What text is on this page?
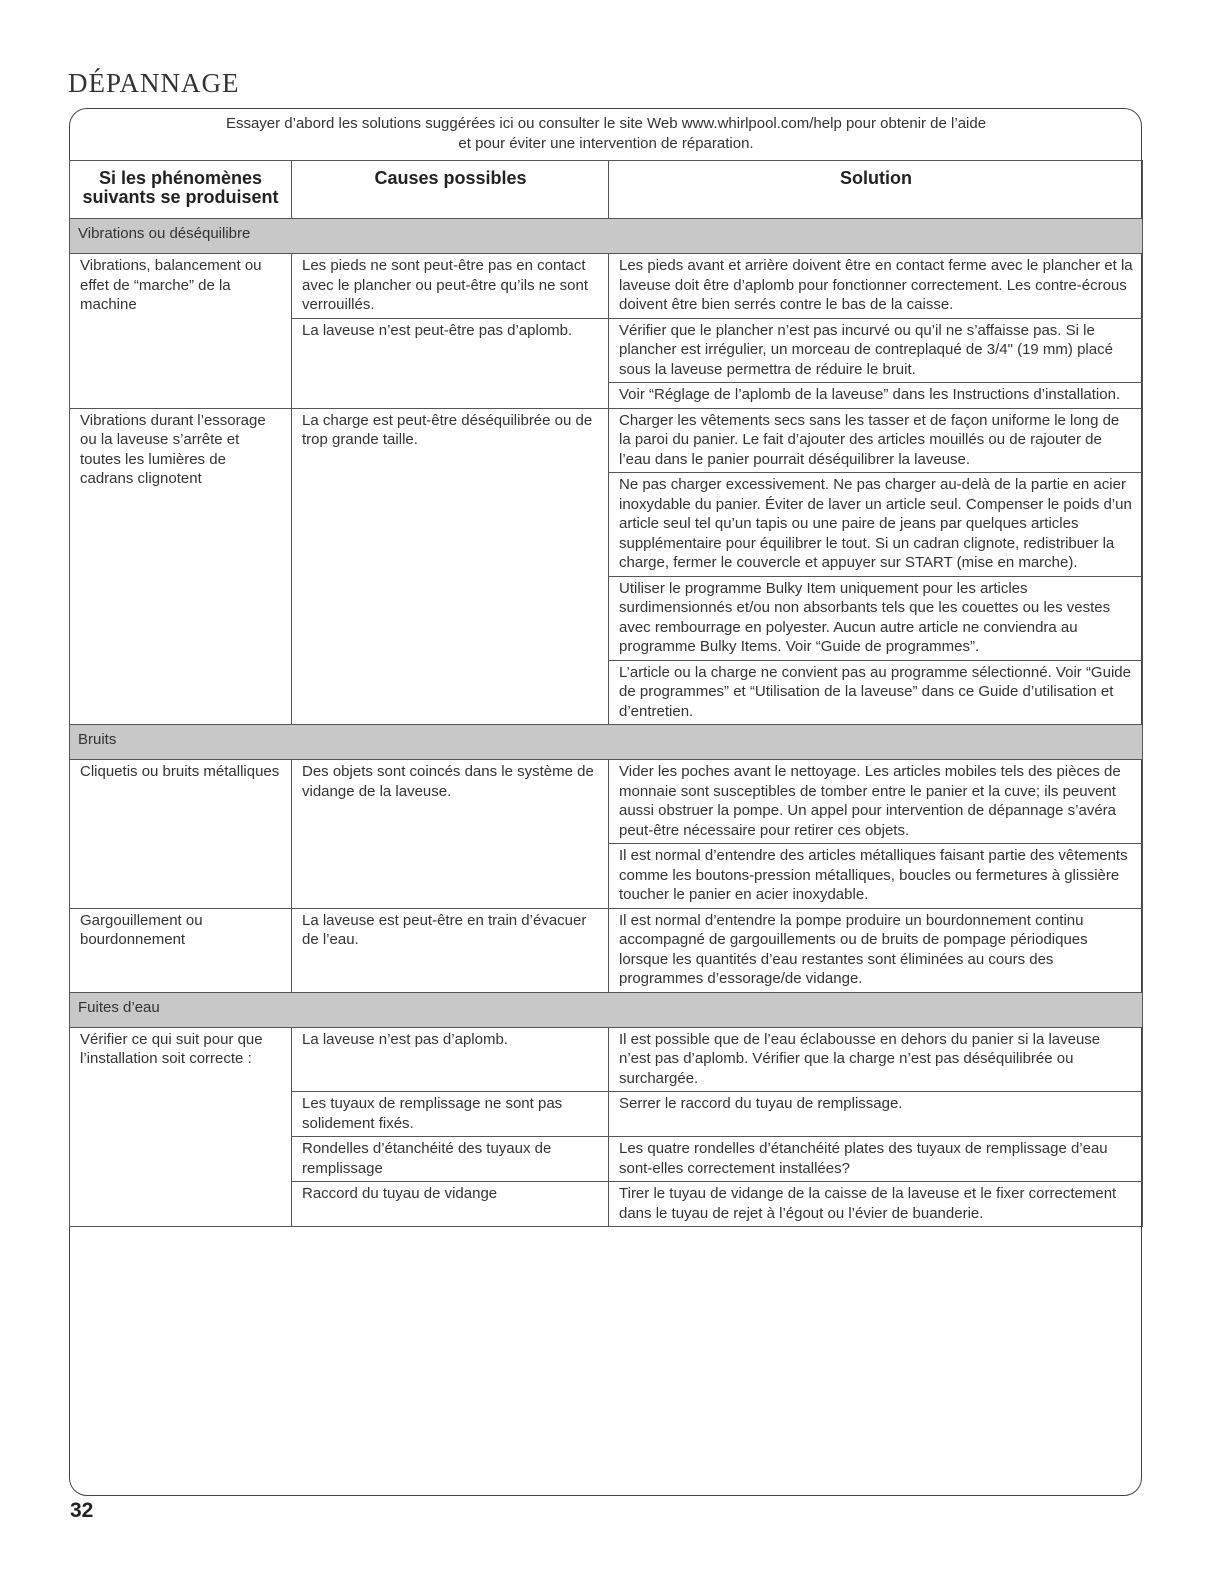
DÉPANNAGE
Essayer d’abord les solutions suggérées ici ou consulter le site Web www.whirlpool.com/help pour obtenir de l’aide
et pour éviter une intervention de réparation.
Si les phénomènes suivants se produisent	Causes possibles	Solution
Vibrations ou déséquilibre		
Vibrations, balancement ou effet de “marche” de la machine	Les pieds ne sont peut-être pas en contact avec le plancher ou peut-être qu’ils ne sont verrouillés.	Les pieds avant et arrière doivent être en contact ferme avec le plancher et la laveuse doit être d’aplomb pour fonctionner correctement. Les contre-écrous doivent être bien serrés contre le bas de la caisse.
	La laveuse n’est peut-être pas d’aplomb.	Vérifier que le plancher n’est pas incurvé ou qu’il ne s’affaisse pas. Si le plancher est irrégulier, un morceau de contreplaqué de 3/4" (19 mm) placé sous la laveuse permettra de réduire le bruit.
		Voir “Réglage de l’aplomb de la laveuse” dans les Instructions d’installation.
Vibrations durant l’essorage ou la laveuse s’arrête et toutes les lumières de cadrans clignotent	La charge est peut-être déséquilibrée ou de trop grande taille.	Charger les vêtements secs sans les tasser et de façon uniforme le long de la paroi du panier. Le fait d’ajouter des articles mouillés ou de rajouter de l’eau dans le panier pourrait déséquilibrer la laveuse.
		Ne pas charger excessivement. Ne pas charger au-delà de la partie en acier inoxydable du panier. Éviter de laver un article seul. Compenser le poids d’un article seul tel qu’un tapis ou une paire de jeans par quelques articles supplémentaire pour équilibrer le tout. Si un cadran clignote, redistribuer la charge, fermer le couvercle et appuyer sur START (mise en marche).
		Utiliser le programme Bulky Item uniquement pour les articles surdimensionnés et/ou non absorbants tels que les couettes ou les vestes avec rembourrage en polyester. Aucun autre article ne conviendra au programme Bulky Items. Voir “Guide de programmes”.
		L’article ou la charge ne convient pas au programme sélectionné. Voir “Guide de programmes” et “Utilisation de la laveuse” dans ce Guide d’utilisation et d’entretien.
Bruits		
Cliquetis ou bruits métalliques	Des objets sont coincés dans le système de vidange de la laveuse.	Vider les poches avant le nettoyage. Les articles mobiles tels des pièces de monnaie sont susceptibles de tomber entre le panier et la cuve; ils peuvent aussi obstruer la pompe. Un appel pour intervention de dépannage s’avéra peut-être nécessaire pour retirer ces objets.
		Il est normal d’entendre des articles métalliques faisant partie des vêtements comme les boutons-pression métalliques, boucles ou fermetures à glissière toucher le panier en acier inoxydable.
Gargouillement ou bourdonnement	La laveuse est peut-être en train d’évacuer de l’eau.	Il est normal d’entendre la pompe produire un bourdonnement continu accompagné de gargouillements ou de bruits de pompage périodiques lorsque les quantités d’eau restantes sont éliminées au cours des programmes d’essorage/de vidange.
Fuites d’eau		
Vérifier ce qui suit pour que l’installation soit correcte :	La laveuse n’est pas d’aplomb.	Il est possible que de l’eau éclabousse en dehors du panier si la laveuse n’est pas d’aplomb. Vérifier que la charge n’est pas déséquilibrée ou surchargée.
	Les tuyaux de remplissage ne sont pas solidement fixés.	Serrer le raccord du tuyau de remplissage.
	Rondelles d’étanchéité des tuyaux de remplissage	Les quatre rondelles d’étanchéité plates des tuyaux de remplissage d’eau sont-elles correctement installées?
	Raccord du tuyau de vidange	Tirer le tuyau de vidange de la caisse de la laveuse et le fixer correctement dans le tuyau de rejet à l’égout ou l’évier de buanderie.
32
